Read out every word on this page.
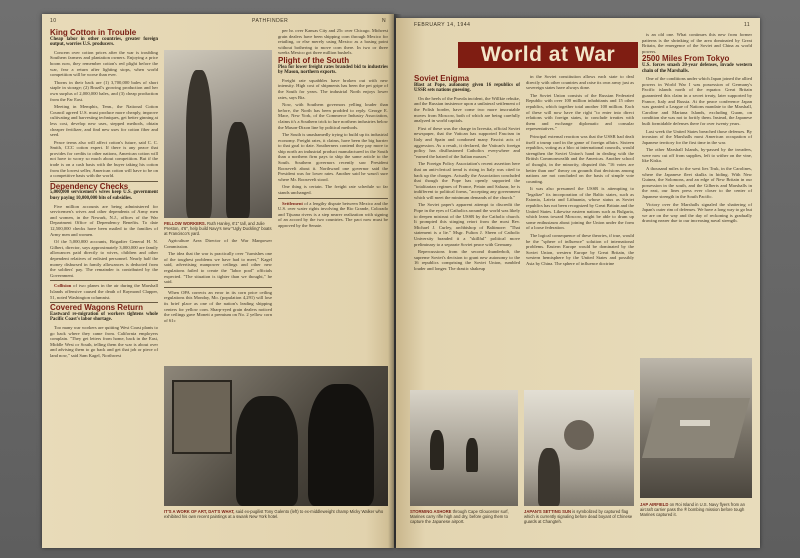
10	PATHFINDER	N
King Cotton in Trouble
Cheap labor in other countries, greater foreign output, worries U.S. producers.

Concern over cotton prices after the war is troubling Southern farmers and plantation owners. Enjoying a price boom now, they remember cotton's red plight before the war, fear a return after lighting stops, when world competition will be worse than ever.

Thorns in their back are (1) 3,700,000 bales of short staple in storage; (2) Brazil's growing production and her own surplus of 2,000,000 bales, and (3) cheap production from the Far East.

Meeting in Memphis, Tenn., the National Cotton Council agreed U.S. must produce more cheaply, improve cultivating and harvesting techniques, get better ginning at less cost, develop new uses, stepped methods, obtain cheaper fertilizer, and find new uses for cotton fiber and seed.

Peace terms also will affect cotton's future, said C. C. Smith, CCC cotton expert. If there is any peace that provides for credits to other nations, American cotton will not have to worry so much about competition. But if the trade is on a cash basis with the buyer taking his cotton from the lowest seller, American cotton will have to be on a competitive basis with the world.

Dependency Checks
5,000,000 servicemen's wives keep U.S. government busy paying 10,000,000 bits of subsidies.

Five million accounts are being administered for servicemen's wives and other dependents of Army men and women, in the Newark, N.J., offices of the War Department Office of Dependency Benefits. To date 12,500,000 checks have been mailed to the families of Army men and women.

Of the 5,000,000 accounts, Brigadier General H. N. Gilbert, director, says approximately 3,000,000 are family allowances paid directly to wives, children and other dependent relatives of enlisted personnel. Nearly half the money disbursed in family allowances is deducted from the soldiers' pay. The remainder is contributed by the Government.

Collision of two planes in the air during the Marshall Islands offensive caused the death of Raymond Clapper, 51, noted Washington columnist.

Covered Wagons Return
Eastward re-migration of workers tightens whole Pacific Coast's labor shortage.

Too many war workers are quitting West Coast plants to go back where they came from. California employers complain. "They get letters from home, back in the East, Middle West or South, telling them the war is about over and advising them to go back and get that job or piece of land now," said Sam Kagel, Northwest

FELLOW WORKERS. Ruth Hanley, 6'1" tall, and Julie Preston, 4'6", help build Navy's new "Ugly Duckling" boats at Francisco's yard.

Agriculture Area Director of the War Manpower Commission.

The idea that the war is practically over "furnishes one of the toughest problems we have had to meet," Kagel said, advertising manpower ceilings and other new regulations failed to create the "labor pool" officials expected. "The situation is tighter than we thought," he said.

When OPA corrects an error in its corn price ceiling regulations this Monday, Mo. (population 4,291) will lose its brief place as one of the nation's leading shipping centers for yellow corn. Sharp-eyed grain dealers noticed the ceilings gave Monett a premium on No. 2 yellow corn of 61c

per hr. over Kansas City and 25c over Chicago. Midwest grain dealers have been shipping corn through Mexico for retailing, or else merely using Mexico as a basing point without bothering to move corn there. In two or three weeks Mexico got three million bushels.

Plight of the South
Plea for lower freight rates branded bid to industries by Mason, northern exports.

Freight rate squabbles have broken out with new intensity. High cost of shipments has been the pet gripe of the South for years. The industrial North enjoys lower rates, says Biz.

Now, with Southern governors yelling louder than before, the North has been prodded to reply. George E. Mace, New York, of the Commerce Industry Association, claims it's a Southern trick to lure northern industries below the Mason-Dixon line by political methods.

The South is unashamedly trying to build up its industrial economy. Freight rates, it claims, have been the big barrier to that goal to date. Southerners contend they pay more to ship north an industrial product manufactured in the South than a northern firm pays to ship the same article to the South. Southern governors recently saw President Roosevelt about it. Northward one governor said the President was for lower rates. Another said he wasn't sure where Mr. Roosevelt stood.

One thing is certain. The freight rate schedule so far stands unchanged.

Settlement of a lengthy dispute between Mexico and the U.S. over water rights involving the Rio Grande, Colorado and Tijuana rivers is a step nearer realization with signing of an accord by the two countries. The pact now must be approved by the Senate.

IT'S A WORK OF ART, DAT'S WHAT, said ex-pugilist Tony Galento (left) to ex-middleweight champ Micky Walker who exhibited his own recent paintings at a swank New York hotel.
FEBRUARY 14, 1944	11
World at War
Soviet Enigma
Blast at Pope, autonomy given 16 republics of USSR sets nations guessing.

On the heels of the Pravda incident, the Willkie rebuke, and the Russian insistence upon a unilateral settlement of the Polish border, have come two more inscrutable moves from Moscow, both of which are being carefully analyzed in world capitals.

First of these was the charge in Izvestia, official Soviet newspaper, that the Vatican has supported Fascism in Italy and Spain and condoned many Fascist acts of aggression. As a result, it declared, the Vatican's foreign policy has disillusioned Catholics everywhere and "earned the hatred of the Italian masses."

The Foreign Policy Association's recent assertion here that an anti-clerical trend is rising in Italy was cited to back up the charges. Actually the Association concluded that though the Pope has openly supported the "totalitarian regimes of France, Petain and Salazar, he is indifferent to political forms, "accepting any government which will meet the minimum demands of the church."

The Soviet paper's apparent attempt to discredit the Pope in the eyes of Catholics around the world was likely to deepen mistrust of the USSR by the Catholic church. It prompted this stinging retort from the most Rev. Michael J. Curley, archbishop of Baltimore: "That statement is a lie." Msgr. Fulton J. Sheen of Catholic University branded it a "skillful" political move preliminary to a separate Soviet peace with Germany.

Repercussions from the second thunderbolt, the supreme Soviet's decision to grant new autonomy to the 16 republics comprising the Soviet Union, rumbled louder and longer. The drastic shakeup

in the Soviet constitution allows each state to deal directly with other countries and raise its own army just as sovereign states have always done.

The Soviet Union consists of the Russian Federated Republic with over 100 million inhabitants and 15 other republics, which together total another 100 million. Each of these will now have the right "to enter into direct relations with foreign states, to conclude treaties with them and exchange diplomatic and consular representatives."

Principal external reaction was that the USSR had dealt itself a trump card in the game of foreign affairs. Sixteen republics, voting as a bloc at international councils, would strengthen the Soviet Union's hand in dealing with the British Commonwealth and the Americas. Another school of thought, in the minority, disputed this "16 votes are better than one" theory on grounds that decisions among nations are not concluded on the basis of simple vote counting.

It was also presumed the USSR is attempting to "legalize" its incorporation of the Baltic states, such as Estonia, Latvia and Lithuania, whose status as Soviet republics has not been recognized by Great Britain and the United States. Likewise eastern nations such as Bulgaria, which leans toward Moscow, might be able to drum up some enthusiasm about joining the Union under the form of a loose federation.

The logical consequence of these theories, if true, would be the "sphere of influence" solution of international problems. Eastern Europe would be dominated by the Soviet Union, western Europe by Great Britain, the western hemisphere by the United States and possibly Asia by China. The sphere of influence doctrine

is an old one. What continues this new from former patterns is the shrinking of the area dominated by Great Britain, the emergence of the Soviet and China as world powers.

2500 Miles From Tokyo
U.S. forces smash 20-year defenses, invade western chain of the Marshalls.

One of the conditions under which Japan joined the allied powers in World War I was possession of Germany's Pacific islands north of the equator. Great Britain guaranteed this claim in a secret treaty, later supported by France, Italy and Russia. At the peace conference Japan was granted a League of Nations mandate to the Marshall, Caroline and Mariana Islands, excluding Guam, on condition she was not to fortify them. Instead, the Japanese built formidable defenses there for over twenty years.

Last week the United States breached those defenses. By invasion of the Marshalls most American occupation of Japanese territory for the first time in the war.

The other Marshall Islands, by-passed by the invaders, were now cut off from supplies, left to wither on the vine, like Kiska.

A thousand miles to the west lies Truk, in the Carolines, where the Japanese fleet skulks in hiding. With New Guinea, the Solomons, and an edge of New Britain in our possession in the south, and the Gilberts and Marshalls in the east, our lines press ever closer to the center of Japanese strength in the South Pacific.

Victory over the Marshalls signaled the shattering of Japan's outer rim of defenses. We have a long way to go but we are on the way and the day of reckoning is gradually drawing nearer due to our increasing naval strength.

STORMING ASHORE through Cape Gloucester surf, Marines carry rifle high and dry, before going them to capture the Japanese airport.
JAPAN'S SETTING SUN is symbolized by captured flag which is currently signaling before dead boyant of Chinese guards at Changteh.
JAP AIRFIELD on Roi Island in U.S. Navy flyers from an aircraft carrier pass the ® bombing mission before tough Marines captured it.
